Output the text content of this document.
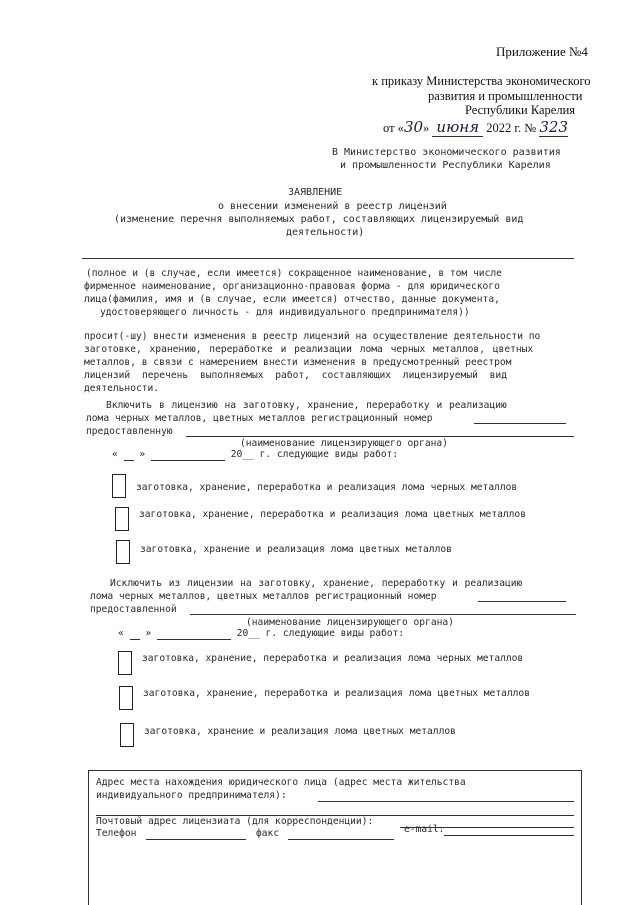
Приложение №4
к приказу Министерства экономического
развития и промышленности
Республики Карелия
от «30» июня 2022 г. № 323
В Министерство экономического развития
и промышленности Республики Карелия
ЗАЯВЛЕНИЕ
о внесении изменений в реестр лицензий
(изменение перечня выполняемых работ, составляющих лицензируемый вид
деятельности)
(полное и (в случае, если имеется) сокращенное наименование, в том числе
фирменное наименование, организационно-правовая форма - для юридического
лица(фамилия, имя и (в случае, если имеется) отчество, данные документа,
удостоверяющего личность - для индивидуального предпринимателя))
просит(-шу) внести изменения в реестр лицензий на осуществление деятельности по
заготовке, хранению, переработке и реализации лома черных металлов, цветных
металлов, в связи с намерением внести изменения в предусмотренный реестром
лицензий перечень выполняемых работ, составляющих лицензируемый вид
деятельности.
Включить в лицензию на заготовку, хранение, переработку и реализацию
лома черных металлов, цветных металлов регистрационный номер
предоставленную
(наименование лицензирующего органа)
« »	20__ г. следующие виды работ:
заготовка, хранение, переработка и реализация лома черных металлов
заготовка, хранение, переработка и реализация лома цветных металлов
заготовка, хранение и реализация лома цветных металлов
Исключить из лицензии на заготовку, хранение, переработку и реализацию
лома черных металлов, цветных металлов регистрационный номер
предоставленной
(наименование лицензирующего органа)
« »	20__ г. следующие виды работ:
заготовка, хранение, переработка и реализация лома черных металлов
заготовка, хранение, переработка и реализация лома цветных металлов
заготовка, хранение и реализация лома цветных металлов
Адрес места нахождения юридического лица (адрес места жительства
индивидуального предпринимателя):
Почтовый адрес лицензиата (для корреспонденции):
Телефон	факс	e-mail:
